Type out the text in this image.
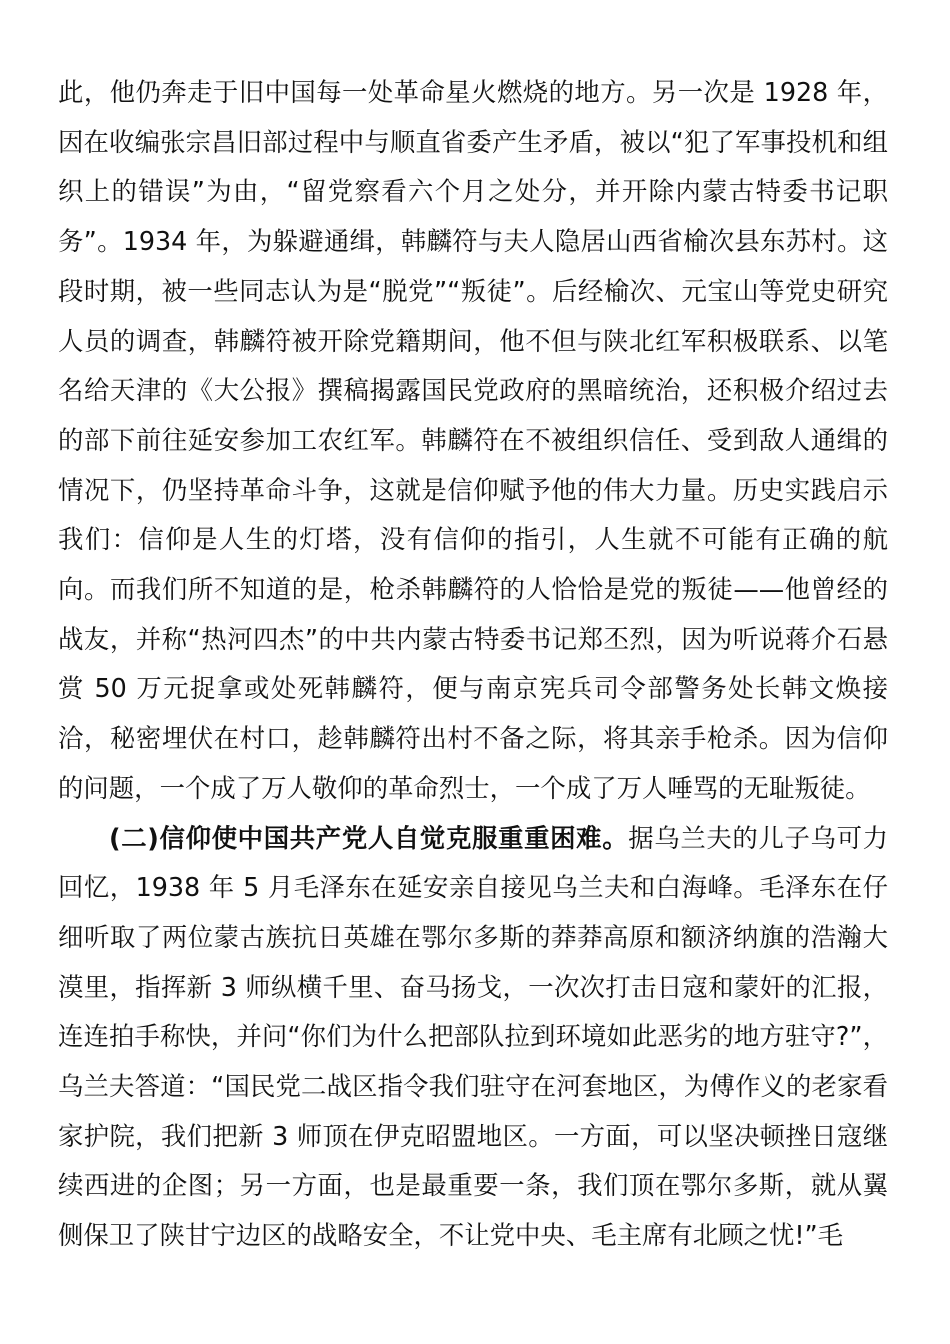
此，他仍奔走于旧中国每一处革命星火燃烧的地方。另一次是 1928 年，因在收编张宗昌旧部过程中与顺直省委产生矛盾，被以“犯了军事投机和组织上的错误”为由，“留党察看六个月之处分，并开除内蒙古特委书记职务”。1934 年，为躲避通缉，韩麟符与夫人隐居山西省榆次县东苏村。这段时期，被一些同志认为是“脱党”“叛徒”。后经榆次、元宝山等党史研究人员的调查，韩麟符被开除党籍期间，他不但与陕北红军积极联系、以笔名给天津的《大公报》撰稿揭露国民党政府的黑暗统治，还积极介绍过去的部下前往延安参加工农红军。韩麟符在不被组织信任、受到敌人通缉的情况下，仍坚持革命斗争，这就是信仰赋予他的伟大力量。历史实践启示我们：信仰是人生的灯塔，没有信仰的指引，人生就不可能有正确的航向。而我们所不知道的是，枪杀韩麟符的人恰恰是党的叛徒——他曾经的战友，并称“热河四杰”的中共内蒙古特委书记郑丕烈，因为听说蒋介石悬赏 50 万元捉拿或处死韩麟符，便与南京宪兵司令部警务处长韩文焕接洽，秘密埋伏在村口，趁韩麟符出村不备之际，将其亲手枪杀。因为信仰的问题，一个成了万人敬仰的革命烈士，一个成了万人唾骂的无耻叛徒。

(二)信仰使中国共产党人自觉克服重重困难。据乌兰夫的儿子乌可力回忆，1938 年 5 月毛泽东在延安亲自接见乌兰夫和白海峰。毛泽东在仔细听取了两位蒙古族抗日英雄在鄂尔多斯的莽莽高原和额济纳旗的浩瀚大漠里，指挥新 3 师纵横千里、奋马扬戈，一次次打击日寇和蒙奸的汇报，连连拍手称快，并问“你们为什么把部队拉到环境如此恶劣的地方驻守?”，乌兰夫答道：“国民党二战区指令我们驻守在河套地区，为傅作义的老家看家护院，我们把新 3 师顶在伊克昭盟地区。一方面，可以坚决顿挫日寇继续西进的企图；另一方面，也是最重要一条，我们顶在鄂尔多斯，就从翼侧保卫了陕甘宁边区的战略安全，不让党中央、毛主席有北顾之忧!”毛
